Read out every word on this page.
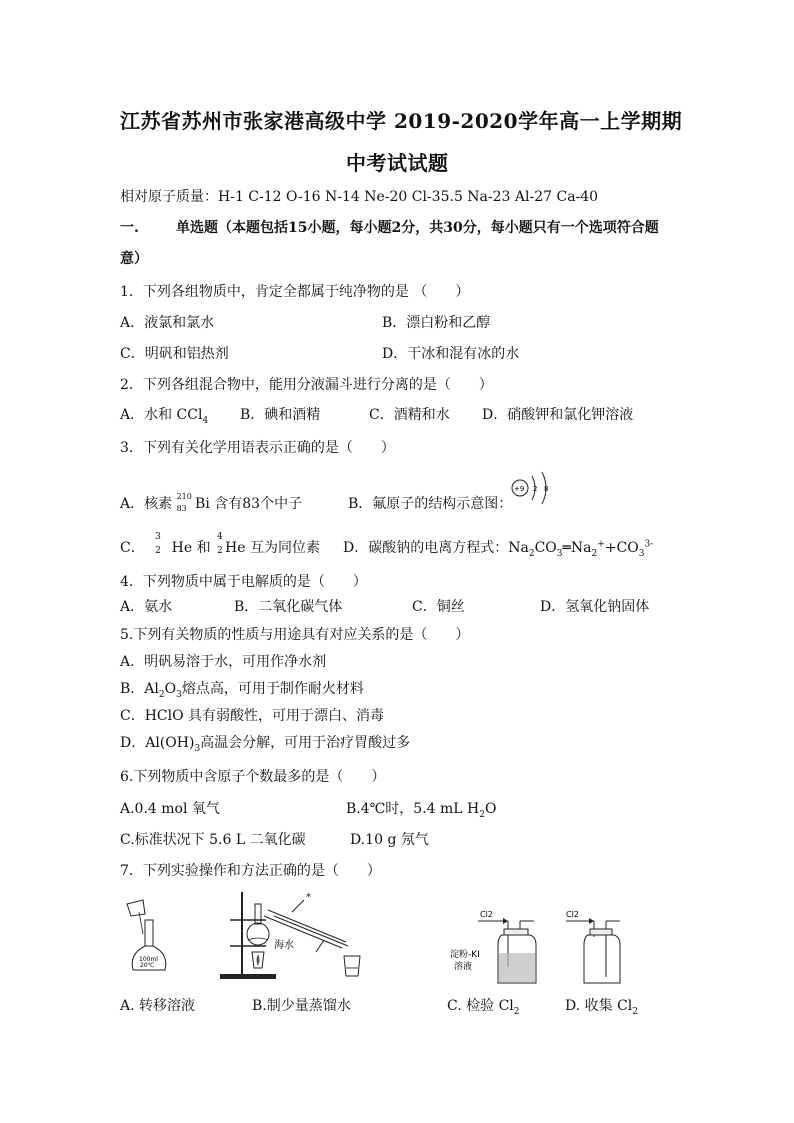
江苏省苏州市张家港高级中学 2019-2020学年高一上学期期
中考试试题
相对原子质量：H-1 C-12 O-16 N-14 Ne-20 Cl-35.5 Na-23 Al-27 Ca-40
一.	单选题（本题包括15小题，每小题2分，共30分，每小题只有一个选项符合题
意）
1．下列各组物质中，肯定全都属于纯净物的是 （　　）
A．液氯和氯水	B．漂白粉和乙醇
C．明矾和铝热剂	D．干冰和混有冰的水
2．下列各组混合物中，能用分液漏斗进行分离的是（　　）
A．水和 CCl$_4$ B．碘和酒精	C．酒精和水 D．硝酸钾和氯化钾溶液
3．下列有关化学用语表示正确的是（　　）
A．核素 210
83 Bi 含有83个中子	B．氟原子的结构示意图：
+9 2 8
C．
3
2 He 和
4
2 He 互为同位素 D．碳酸钠的电离方程式：$Na_2CO_3═Na_2^++CO_3^{3-}$
4．下列物质中属于电解质的是（　　）
A．氨水	B．二氧化碳气体	C．铜丝	D．氢氧化钠固体
5.下列有关物质的性质与用途具有对应关系的是（　　）
A．明矾易溶于水，可用作净水剂
B．$Al_2O_3$熔点高，可用于制作耐火材料
C．HClO 具有弱酸性，可用于漂白、消毒
D．$Al(OH)_3$高温会分解，可用于治疗胃酸过多
6.下列物质中含原子个数最多的是（　　）
A.0.4 mol 氧气	B.4℃时，5.4 mL $H_2O$
C.标准状况下 5.6 L 二氧化碳	D.10 g 氖气
7．下列实验操作和方法正确的是（　　）
100ml
20℃
*
海水
Cl2
淀粉-KI
溶液
Cl2
A. 转移溶液	B.制少量蒸馏水	C. 检验 $Cl_2$	D. 收集 $Cl_2$
